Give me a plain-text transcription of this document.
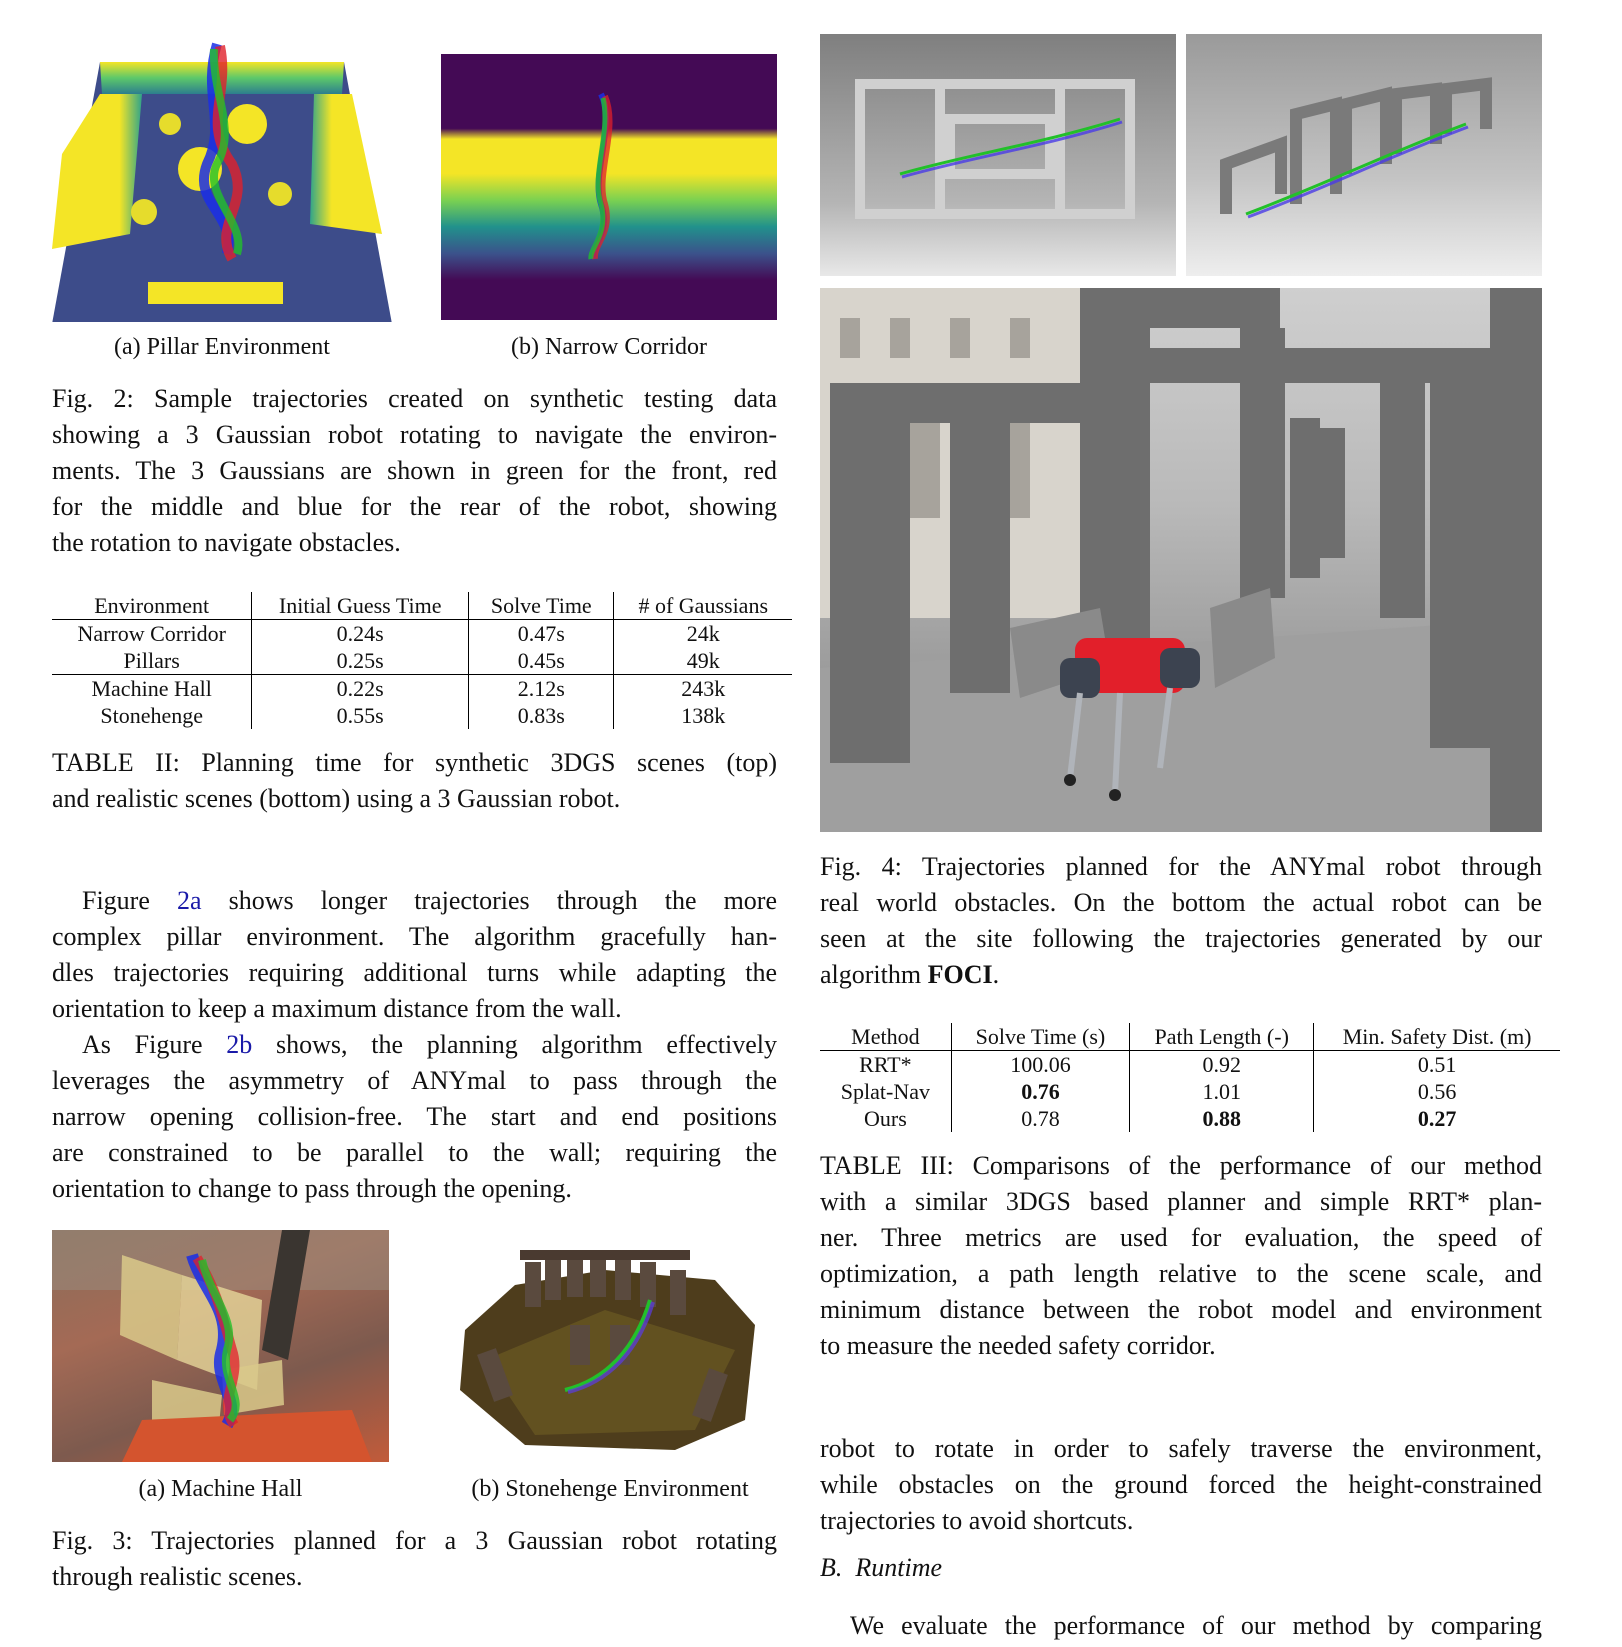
(a) Pillar Environment	(b) Narrow Corridor
Fig. 2: Sample trajectories created on synthetic testing data
showing a 3 Gaussian robot rotating to navigate the environ-
ments. The 3 Gaussians are shown in green for the front, red
for the middle and blue for the rear of the robot, showing
the rotation to navigate obstacles.
Environment	Initial Guess Time	Solve Time	# of Gaussians
Narrow Corridor	0.24s	0.47s	24k
Pillars	0.25s	0.45s	49k
Machine Hall	0.22s	2.12s	243k
Stonehenge	0.55s	0.83s	138k
TABLE II: Planning time for synthetic 3DGS scenes (top)
and realistic scenes (bottom) using a 3 Gaussian robot.
Figure 2a shows longer trajectories through the more
complex pillar environment. The algorithm gracefully han-
dles trajectories requiring additional turns while adapting the
orientation to keep a maximum distance from the wall.
As Figure 2b shows, the planning algorithm effectively
leverages the asymmetry of ANYmal to pass through the
narrow opening collision-free. The start and end positions
are constrained to be parallel to the wall; requiring the
orientation to change to pass through the opening.
(a) Machine Hall	(b) Stonehenge Environment
Fig. 3: Trajectories planned for a 3 Gaussian robot rotating
through realistic scenes.
Fig. 4: Trajectories planned for the ANYmal robot through
real world obstacles. On the bottom the actual robot can be
seen at the site following the trajectories generated by our
algorithm FOCI.
Method	Solve Time (s)	Path Length (-)	Min. Safety Dist. (m)
RRT*	100.06	0.92	0.51
Splat-Nav	0.76	1.01	0.56
Ours	0.78	0.88	0.27
TABLE III: Comparisons of the performance of our method
with a similar 3DGS based planner and simple RRT* plan-
ner. Three metrics are used for evaluation, the speed of
optimization, a path length relative to the scene scale, and
minimum distance between the robot model and environment
to measure the needed safety corridor.
robot to rotate in order to safely traverse the environment,
while obstacles on the ground forced the height-constrained
trajectories to avoid shortcuts.
B.  Runtime
We evaluate the performance of our method by comparing
